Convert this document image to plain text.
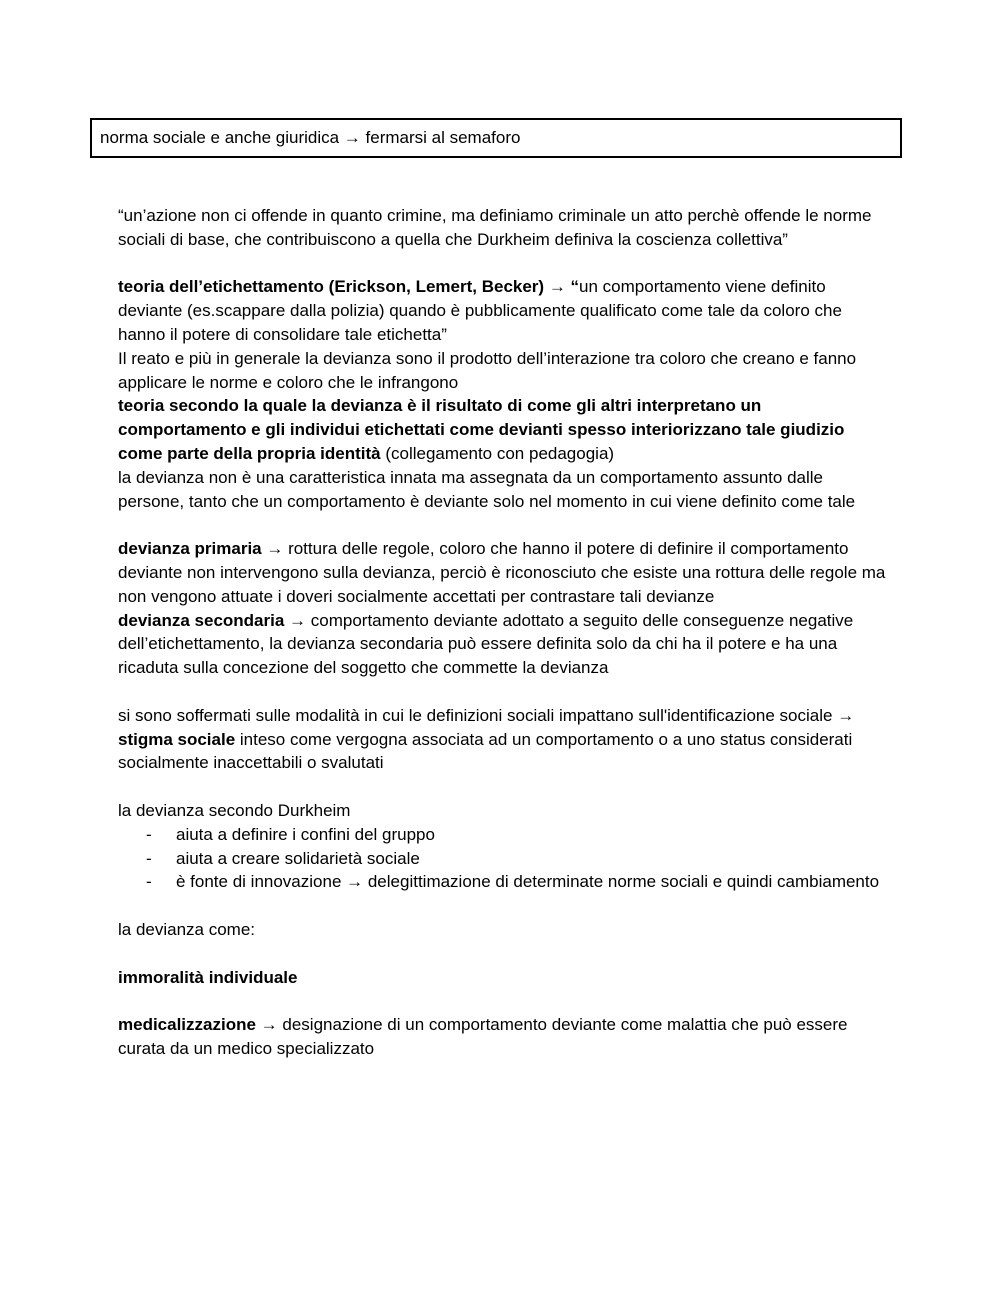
norma sociale e anche giuridica → fermarsi al semaforo

“un’azione non ci offende in quanto crimine, ma definiamo criminale un atto perchè offende le norme sociali di base, che contribuiscono a quella che Durkheim definiva la coscienza collettiva”

teoria dell’etichettamento (Erickson, Lemert, Becker) → “un comportamento viene definito deviante (es.scappare dalla polizia) quando è pubblicamente qualificato come tale da coloro che hanno il potere di consolidare tale etichetta”

Il reato e più in generale la devianza sono il prodotto dell’interazione tra coloro che creano e fanno applicare le norme e coloro che le infrangono

teoria secondo la quale la devianza è il risultato di come gli altri interpretano un comportamento e gli individui etichettati come devianti spesso interiorizzano tale giudizio come parte della propria identità (collegamento con pedagogia)

la devianza non è una caratteristica innata ma assegnata da un comportamento assunto dalle persone, tanto che un comportamento è deviante solo nel momento in cui viene definito come tale

devianza primaria → rottura delle regole, coloro che hanno il potere di definire il comportamento deviante non intervengono sulla devianza, perciò è riconosciuto che esiste una rottura delle regole ma non vengono attuate i doveri socialmente accettati per contrastare tali devianze

devianza secondaria → comportamento deviante adottato a seguito delle conseguenze negative dell’etichettamento, la devianza secondaria può essere definita solo da chi ha il potere e ha una ricaduta sulla concezione del soggetto che commette la devianza

si sono soffermati sulle modalità in cui le definizioni sociali impattano sull'identificazione sociale → stigma sociale inteso come vergogna associata ad un comportamento o a uno status considerati socialmente inaccettabili o svalutati

la devianza secondo Durkheim

- aiuta a definire i confini del gruppo
- aiuta a creare solidarietà sociale
- è fonte di innovazione → delegittimazione di determinate norme sociali e quindi cambiamento

la devianza come:

immoralità individuale

medicalizzazione → designazione di un comportamento deviante come malattia che può essere curata da un medico specializzato
